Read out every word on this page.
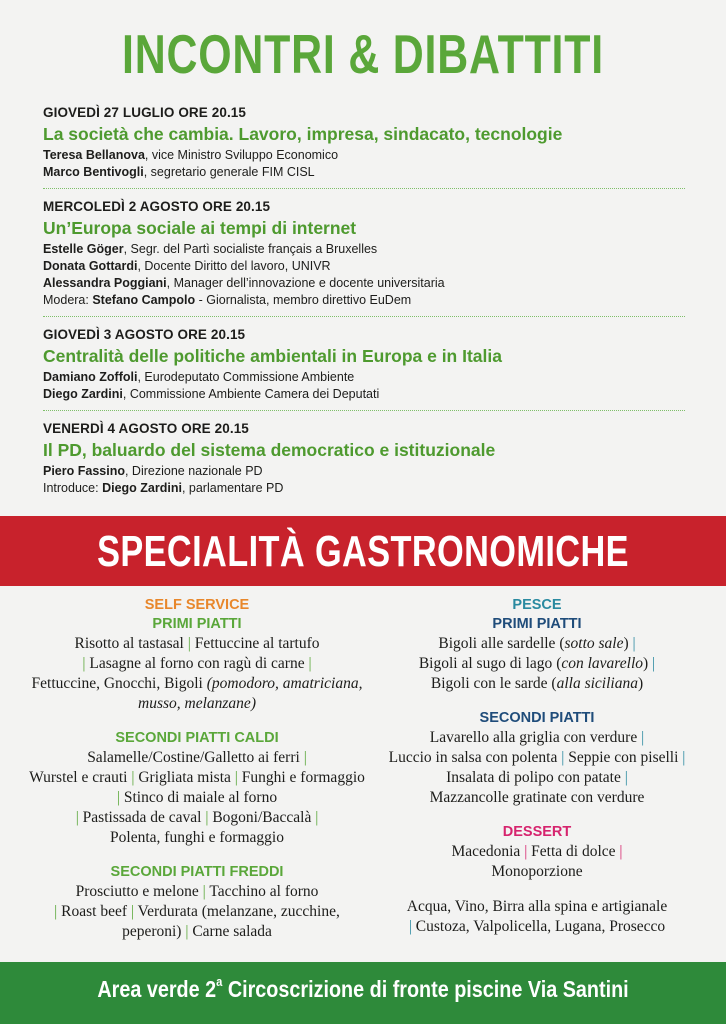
INCONTRI & DIBATTITI
GIOVEDÌ 27 LUGLIO ORE 20.15
La società che cambia. Lavoro, impresa, sindacato, tecnologie
Teresa Bellanova, vice Ministro Sviluppo Economico
Marco Bentivogli, segretario generale FIM CISL
MERCOLEDÌ 2 AGOSTO ORE 20.15
Un’Europa sociale ai tempi di internet
Estelle Göger, Segr. del Partì socialiste français a Bruxelles
Donata Gottardi, Docente Diritto del lavoro, UNIVR
Alessandra Poggiani, Manager dell’innovazione e docente universitaria
Modera: Stefano Campolo - Giornalista, membro direttivo EuDem
GIOVEDÌ 3 AGOSTO ORE 20.15
Centralità delle politiche ambientali in Europa e in Italia
Damiano Zoffoli, Eurodeputato Commissione Ambiente
Diego Zardini, Commissione Ambiente Camera dei Deputati
VENERDÌ 4 AGOSTO ORE 20.15
Il PD, baluardo del sistema democratico e istituzionale
Piero Fassino, Direzione nazionale PD
Introduce: Diego Zardini, parlamentare PD
SPECIALITÀ GASTRONOMICHE
SELF SERVICE
PRIMI PIATTI
Risotto al tastasal | Fettuccine al tartufo
| Lasagne al forno con ragù di carne |
Fettuccine, Gnocchi, Bigoli (pomodoro, amatriciana, musso, melanzane)
SECONDI PIATTI CALDI
Salamelle/Costine/Galletto ai ferri |
Wurstel e crauti | Grigliata mista | Funghi e formaggio | Stinco di maiale al forno
| Pastissada de caval | Bogoni/Baccalà |
Polenta, funghi e formaggio
SECONDI PIATTI FREDDI
Prosciutto e melone | Tacchino al forno
| Roast beef | Verdurata (melanzane, zucchine, peperoni) | Carne salada
PESCE
PRIMI PIATTI
Bigoli alle sardelle (sotto sale) |
Bigoli al sugo di lago (con lavarello) |
Bigoli con le sarde (alla siciliana)
SECONDI PIATTI
Lavarello alla griglia con verdure |
Luccio in salsa con polenta | Seppie con piselli | Insalata di polipo con patate |
Mazzancolle gratinate con verdure
DESSERT
Macedonia | Fetta di dolce |
Monoporzione
Acqua, Vino, Birra alla spina e artigianale
| Custoza, Valpolicella, Lugana, Prosecco
Area verde 2$^a$ Circoscrizione di fronte piscine Via Santini
